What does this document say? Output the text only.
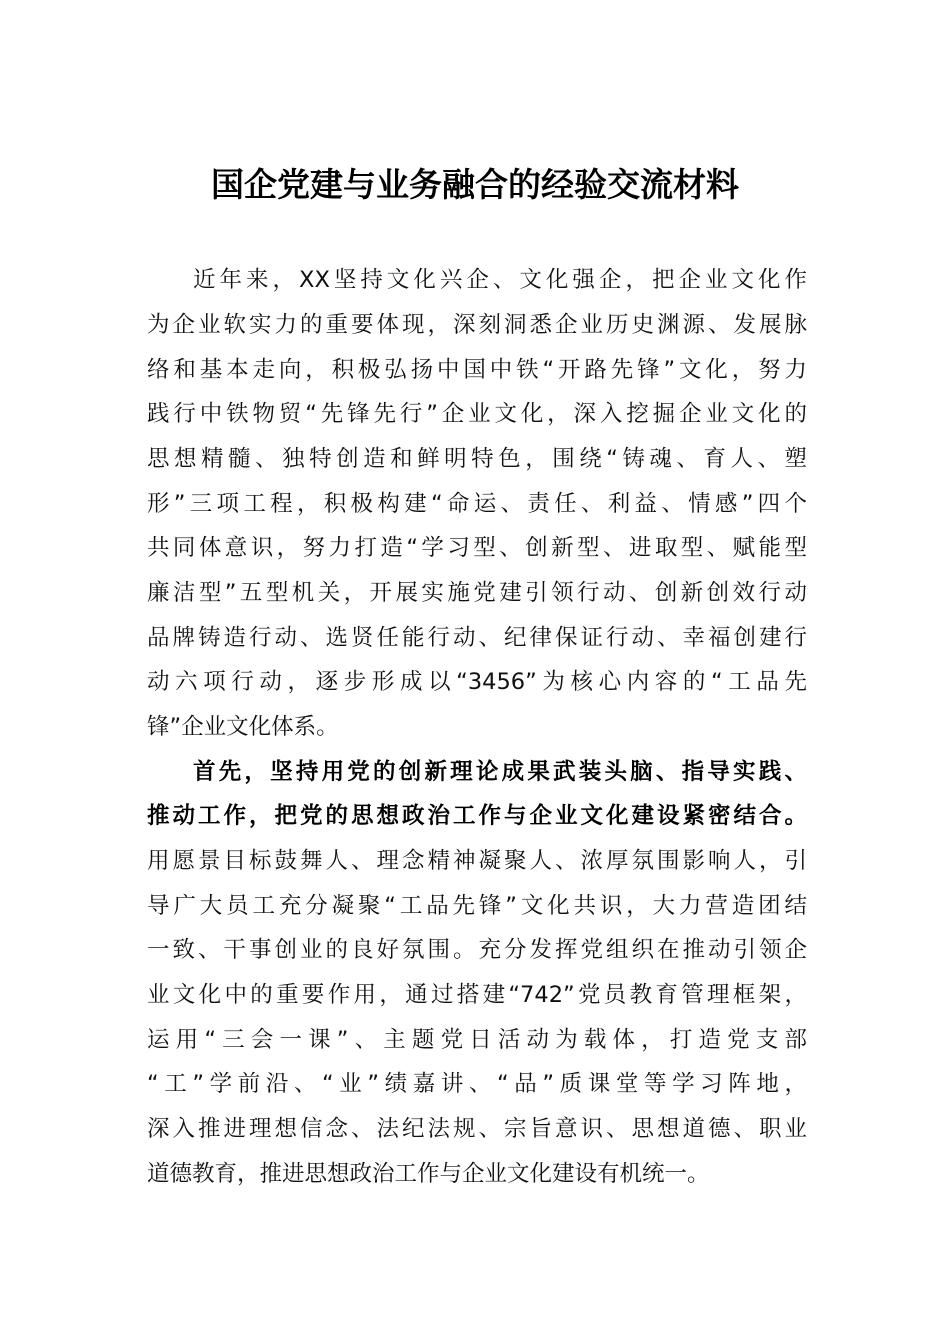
国企党建与业务融合的经验交流材料
近年来，XX坚持文化兴企、文化强企，把企业文化作
为企业软实力的重要体现，深刻洞悉企业历史渊源、发展脉
络和基本走向，积极弘扬中国中铁“开路先锋”文化，努力
践行中铁物贸“先锋先行”企业文化，深入挖掘企业文化的
思想精髓、独特创造和鲜明特色，围绕“铸魂、育人、塑
形”三项工程，积极构建“命运、责任、利益、情感”四个
共同体意识，努力打造“学习型、创新型、进取型、赋能型
廉洁型”五型机关，开展实施党建引领行动、创新创效行动
品牌铸造行动、选贤任能行动、纪律保证行动、幸福创建行
动六项行动，逐步形成以“3456”为核心内容的“工品先
锋”企业文化体系。
首先，坚持用党的创新理论成果武装头脑、指导实践、
推动工作，把党的思想政治工作与企业文化建设紧密结合。
用愿景目标鼓舞人、理念精神凝聚人、浓厚氛围影响人，引
导广大员工充分凝聚“工品先锋”文化共识，大力营造团结
一致、干事创业的良好氛围。充分发挥党组织在推动引领企
业文化中的重要作用，通过搭建“742”党员教育管理框架，
运用“三会一课”、主题党日活动为载体，打造党支部
“工”学前沿、“业”绩嘉讲、“品”质课堂等学习阵地，
深入推进理想信念、法纪法规、宗旨意识、思想道德、职业
道德教育，推进思想政治工作与企业文化建设有机统一。
